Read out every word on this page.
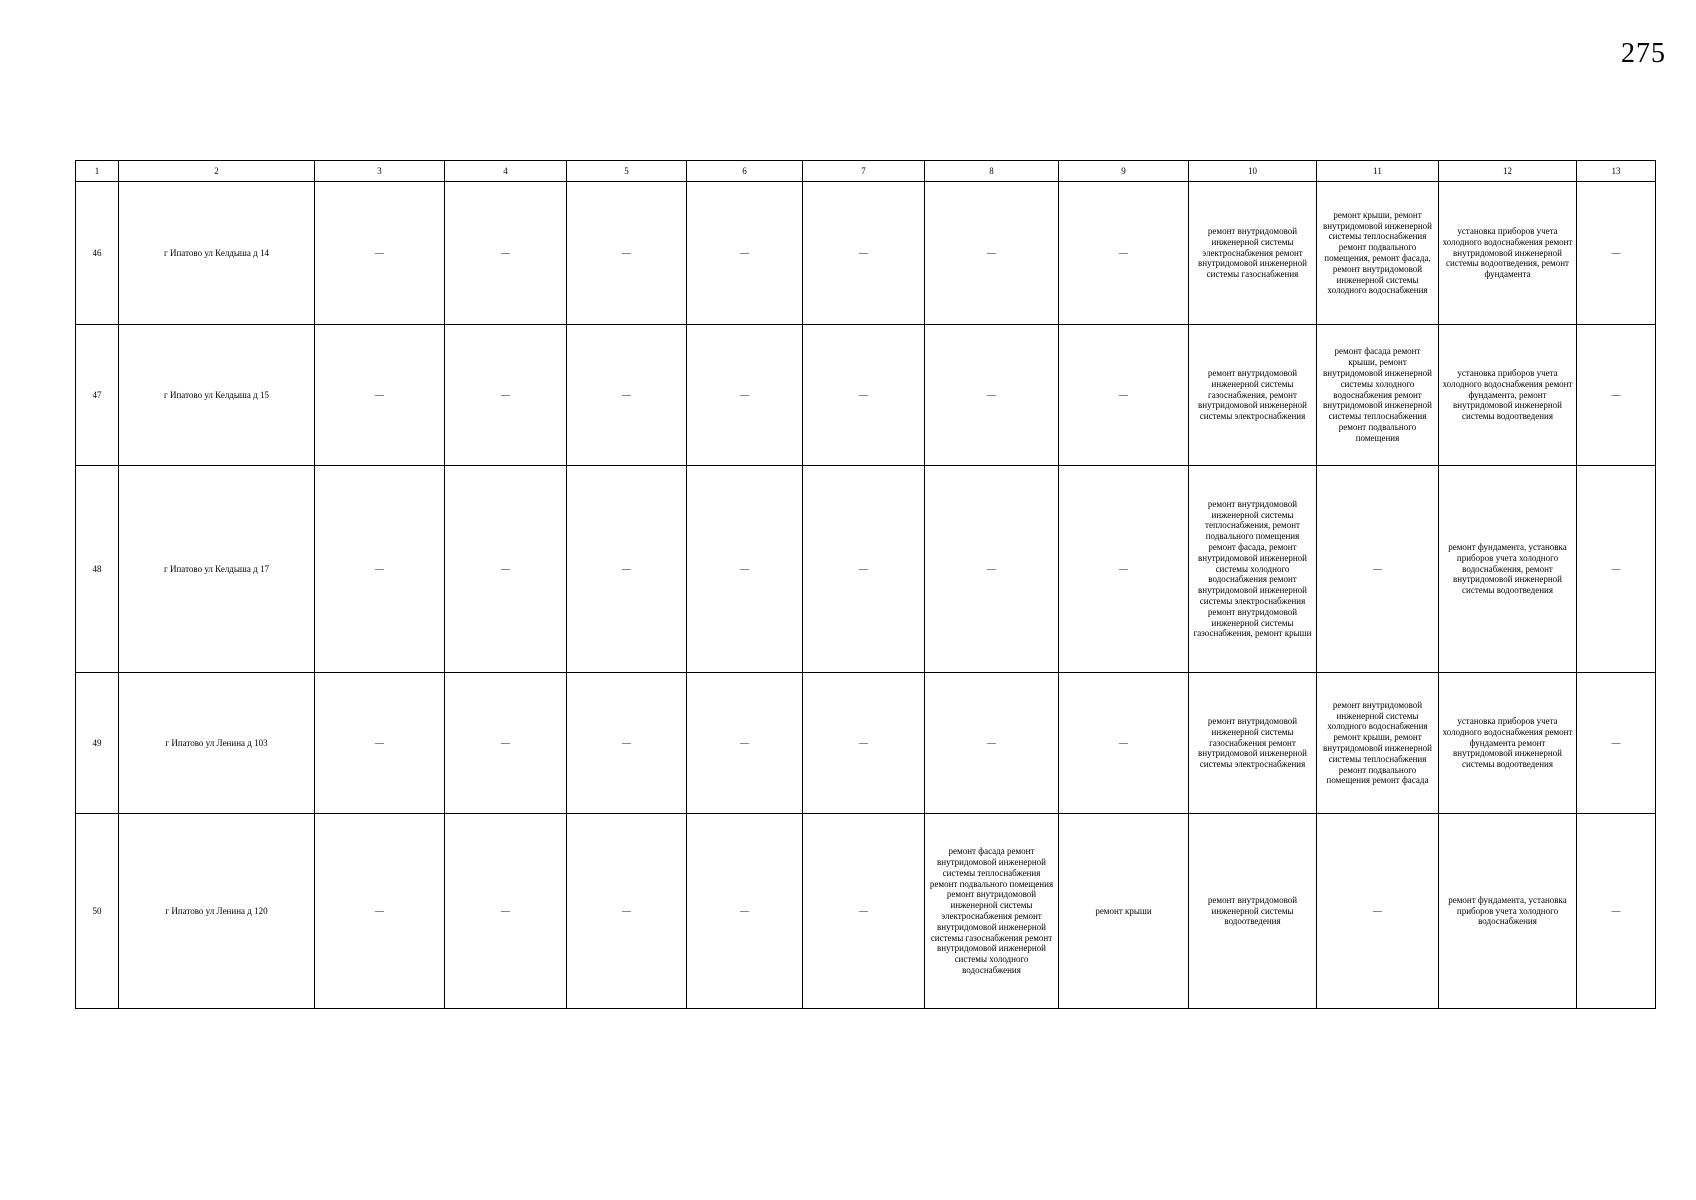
275
1	2	3	4	5	6	7	8	9	10	11	12	13
46	г Ипатово ул Келдыша д 14	—	—	—	—	—	—	—	ремонт внутридомовой инженерной системы электроснабжения ремонт внутридомовой инженерной системы газоснабжения	ремонт крыши, ремонт внутридомовой инженерной системы теплоснабжения ремонт подвального помещения, ремонт фасада, ремонт внутридомовой инженерной системы холодного водоснабжения	установка приборов учета холодного водоснабжения ремонт внутридомовой инженерной системы водоотведения, ремонт фундамента	—
47	г Ипатово ул Келдыша д 15	—	—	—	—	—	—	—	ремонт внутридомовой инженерной системы газоснабжения, ремонт внутридомовой инженерной системы электроснабжения	ремонт фасада ремонт крыши, ремонт внутридомовой инженерной системы холодного водоснабжения ремонт внутридомовой инженерной системы теплоснабжения ремонт подвального помещения	установка приборов учета холодного водоснабжения ремонт фундамента, ремонт внутридомовой инженерной системы водоотведения	—
48	г Ипатово ул Келдыша д 17	—	—	—	—	—	—	—	ремонт внутридомовой инженерной системы теплоснабжения, ремонт подвального помещения ремонт фасада, ремонт внутридомовой инженерной системы холодного водоснабжения ремонт внутридомовой инженерной системы электроснабжения ремонт внутридомовой инженерной системы газоснабжения, ремонт крыши	—	ремонт фундамента, установка приборов учета холодного водоснабжения, ремонт внутридомовой инженерной системы водоотведения	—
49	г Ипатово ул Ленина д 103	—	—	—	—	—	—	—	ремонт внутридомовой инженерной системы газоснабжения ремонт внутридомовой инженерной системы электроснабжения	ремонт внутридомовой инженерной системы холодного водоснабжения ремонт крыши, ремонт внутридомовой инженерной системы теплоснабжения ремонт подвального помещения ремонт фасада	установка приборов учета холодного водоснабжения ремонт фундамента ремонт внутридомовой инженерной системы водоотведения	—
50	г Ипатово ул Ленина д 120	—	—	—	—	—	ремонт фасада ремонт внутридомовой инженерной системы теплоснабжения ремонт подвального помещения ремонт внутридомовой инженерной системы электроснабжения ремонт внутридомовой инженерной системы газоснабжения ремонт внутридомовой инженерной системы холодного водоснабжения	ремонт крыши	ремонт внутридомовой инженерной системы водоотведения	—	ремонт фундамента, установка приборов учета холодного водоснабжения	—
